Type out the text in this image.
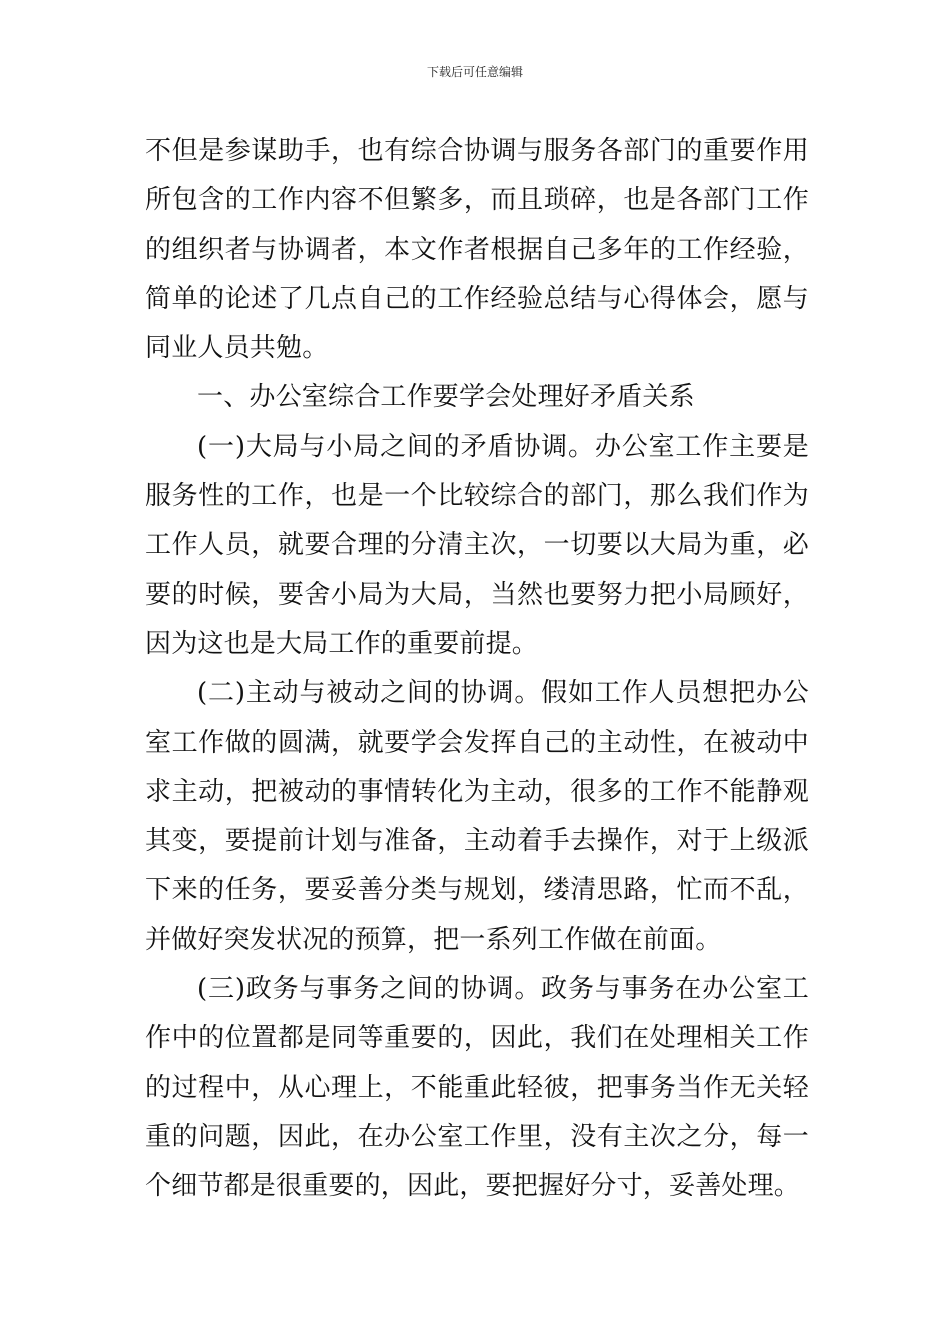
下载后可任意编辑

不但是参谋助手，也有综合协调与服务各部门的重要作用所包含的工作内容不但繁多，而且琐碎，也是各部门工作的组织者与协调者，本文作者根据自己多年的工作经验，简单的论述了几点自己的工作经验总结与心得体会，愿与同业人员共勉。

一、办公室综合工作要学会处理好矛盾关系

(一)大局与小局之间的矛盾协调。办公室工作主要是服务性的工作，也是一个比较综合的部门，那么我们作为工作人员，就要合理的分清主次，一切要以大局为重，必要的时候，要舍小局为大局，当然也要努力把小局顾好，因为这也是大局工作的重要前提。

(二)主动与被动之间的协调。假如工作人员想把办公室工作做的圆满，就要学会发挥自己的主动性，在被动中求主动，把被动的事情转化为主动，很多的工作不能静观其变，要提前计划与准备，主动着手去操作，对于上级派下来的任务，要妥善分类与规划，缕清思路，忙而不乱，并做好突发状况的预算，把一系列工作做在前面。

(三)政务与事务之间的协调。政务与事务在办公室工作中的位置都是同等重要的，因此，我们在处理相关工作的过程中，从心理上，不能重此轻彼，把事务当作无关轻重的问题，因此，在办公室工作里，没有主次之分，每一个细节都是很重要的，因此，要把握好分寸，妥善处理。
